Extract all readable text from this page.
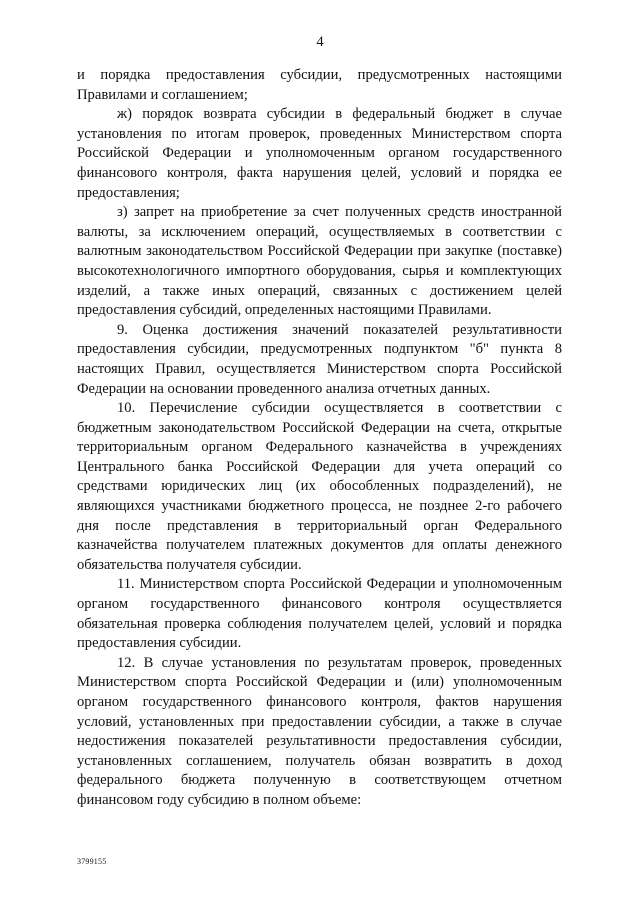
4

и порядка предоставления субсидии, предусмотренных настоящими Правилами и соглашением;

ж) порядок возврата субсидии в федеральный бюджет в случае установления по итогам проверок, проведенных Министерством спорта Российской Федерации и уполномоченным органом государственного финансового контроля, факта нарушения целей, условий и порядка ее предоставления;

з) запрет на приобретение за счет полученных средств иностранной валюты, за исключением операций, осуществляемых в соответствии с валютным законодательством Российской Федерации при закупке (поставке) высокотехнологичного импортного оборудования, сырья и комплектующих изделий, а также иных операций, связанных с достижением целей предоставления субсидий, определенных настоящими Правилами.

9. Оценка достижения значений показателей результативности предоставления субсидии, предусмотренных подпунктом "б" пункта 8 настоящих Правил, осуществляется Министерством спорта Российской Федерации на основании проведенного анализа отчетных данных.

10. Перечисление субсидии осуществляется в соответствии с бюджетным законодательством Российской Федерации на счета, открытые территориальным органом Федерального казначейства в учреждениях Центрального банка Российской Федерации для учета операций со средствами юридических лиц (их обособленных подразделений), не являющихся участниками бюджетного процесса, не позднее 2-го рабочего дня после представления в территориальный орган Федерального казначейства получателем платежных документов для оплаты денежного обязательства получателя субсидии.

11. Министерством спорта Российской Федерации и уполномоченным органом государственного финансового контроля осуществляется обязательная проверка соблюдения получателем целей, условий и порядка предоставления субсидии.

12. В случае установления по результатам проверок, проведенных Министерством спорта Российской Федерации и (или) уполномоченным органом государственного финансового контроля, фактов нарушения условий, установленных при предоставлении субсидии, а также в случае недостижения показателей результативности предоставления субсидии, установленных соглашением, получатель обязан возвратить в доход федерального бюджета полученную в соответствующем отчетном финансовом году субсидию в полном объеме:

3799155
